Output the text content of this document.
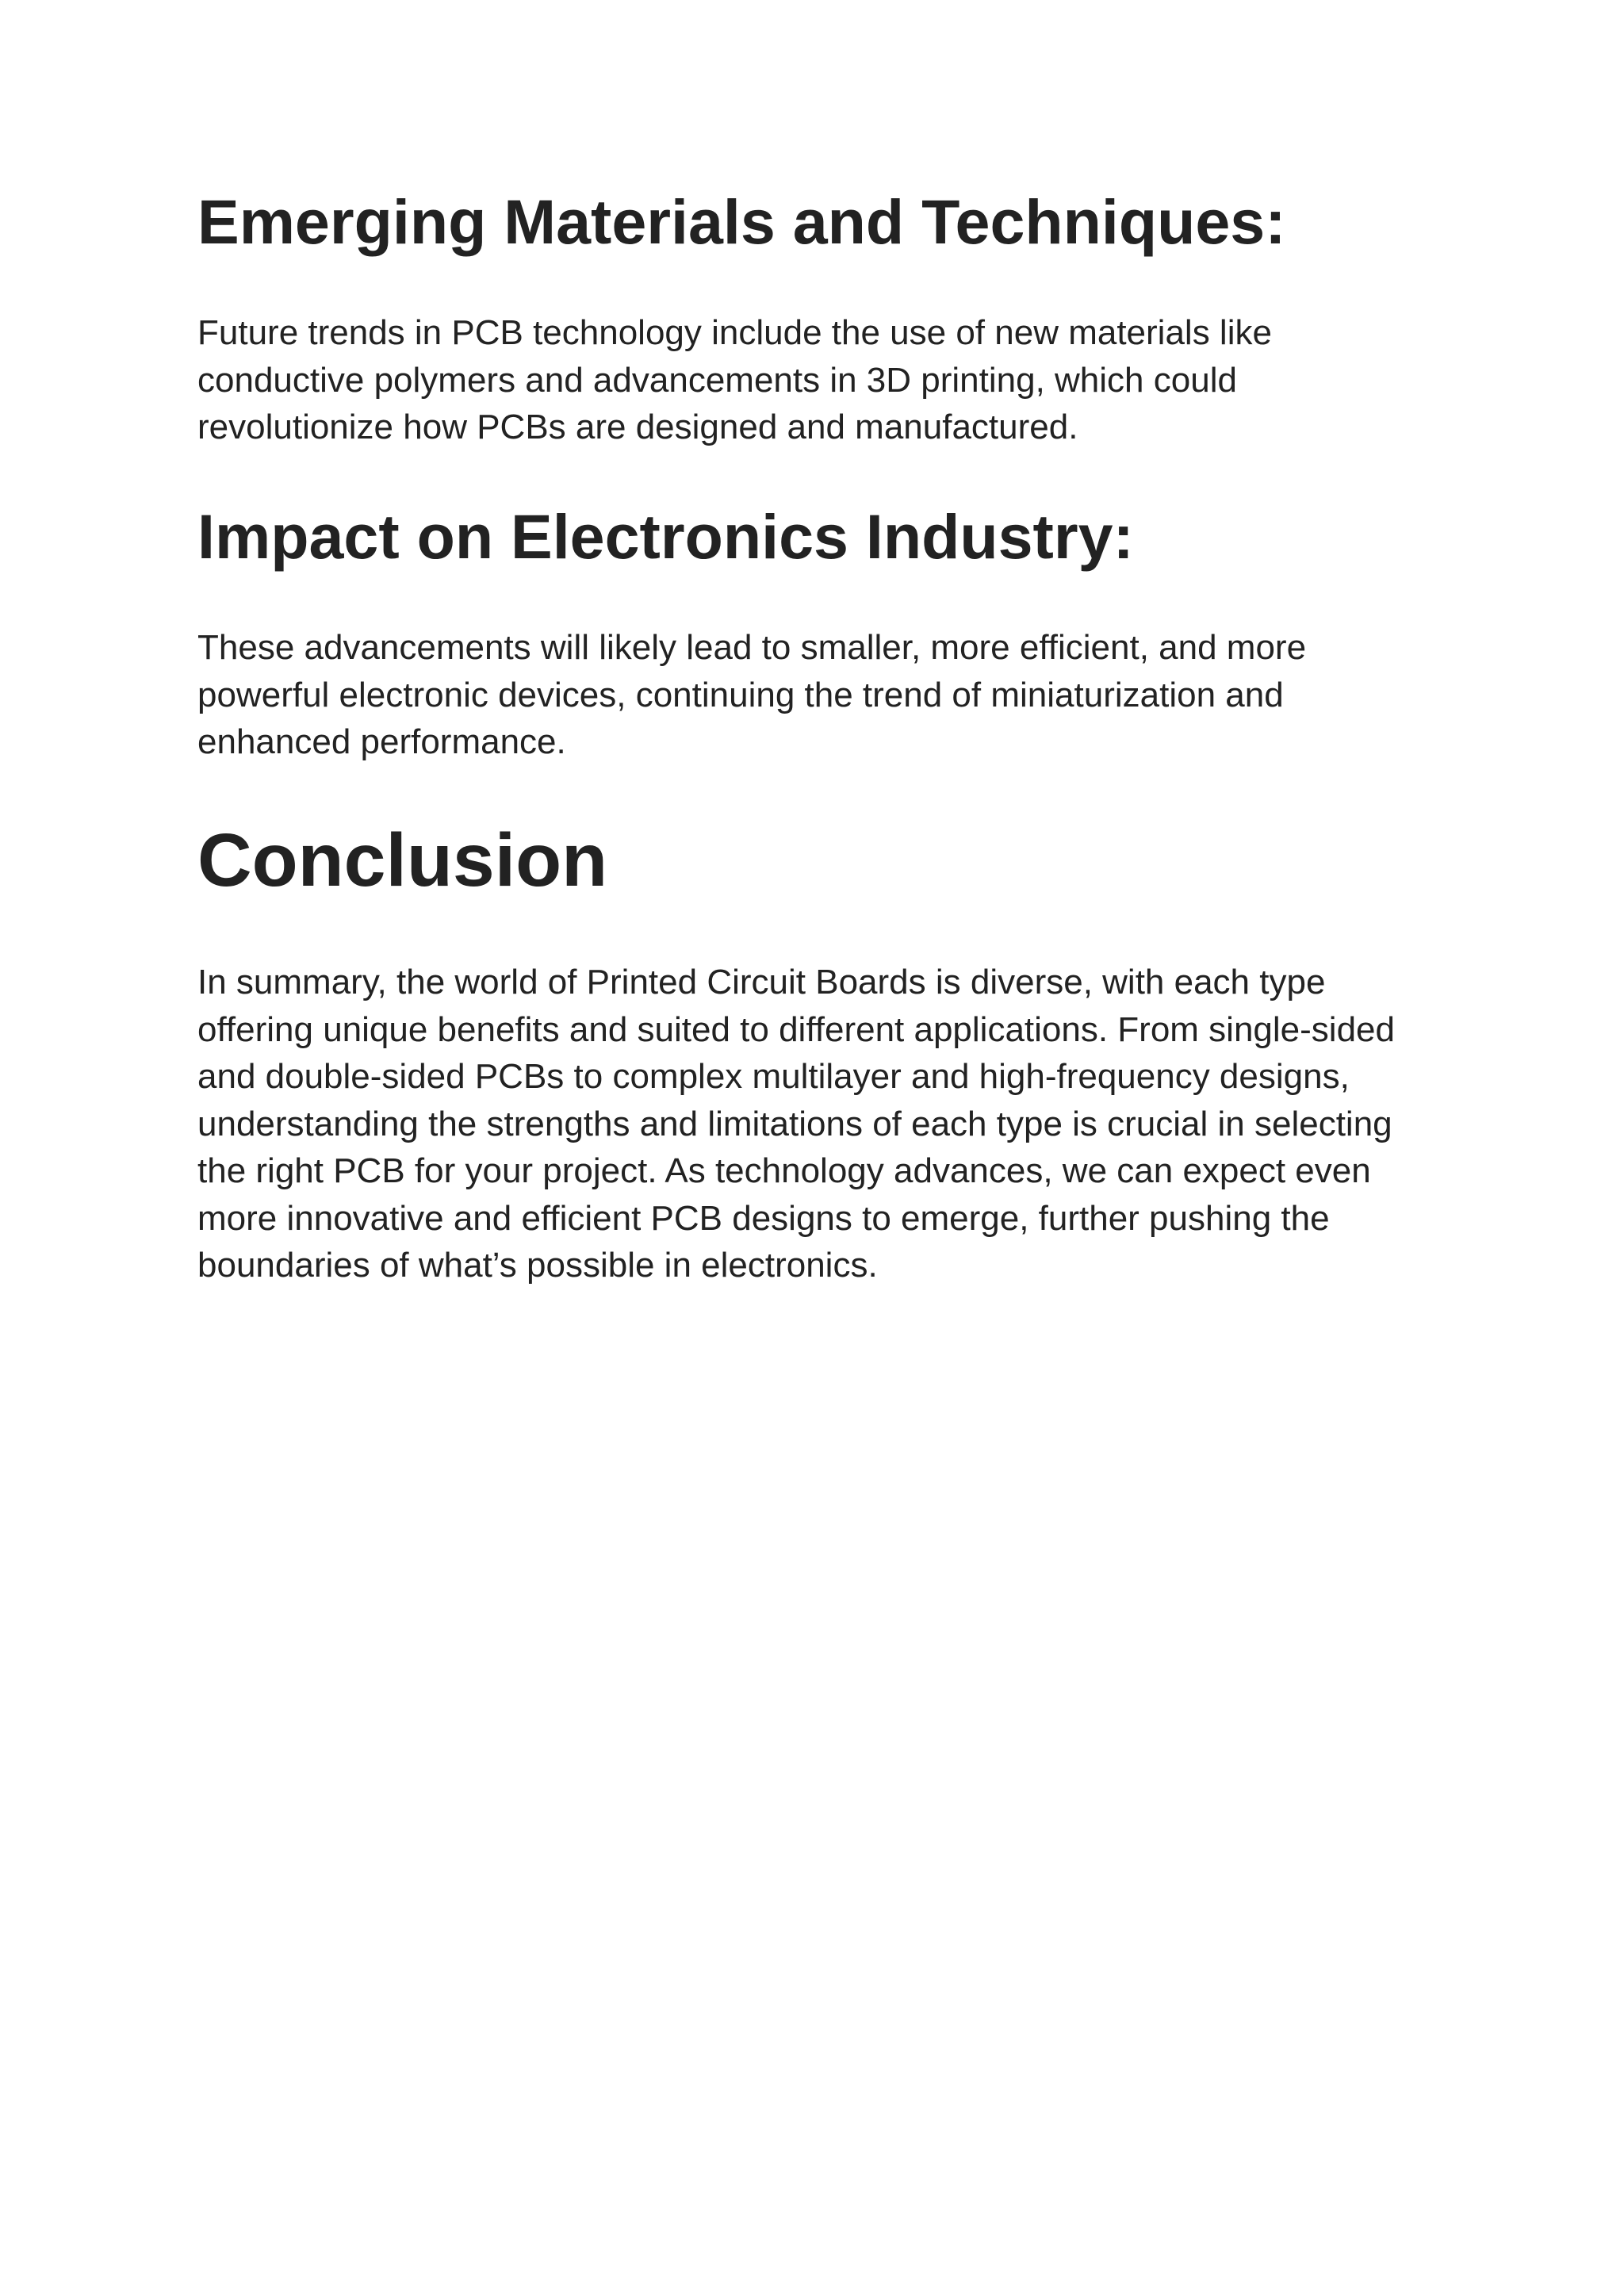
Emerging Materials and Techniques:

Future trends in PCB technology include the use of new materials like
conductive polymers and advancements in 3D printing, which could
revolutionize how PCBs are designed and manufactured.

Impact on Electronics Industry:

These advancements will likely lead to smaller, more efficient, and more
powerful electronic devices, continuing the trend of miniaturization and
enhanced performance.

Conclusion

In summary, the world of Printed Circuit Boards is diverse, with each type
offering unique benefits and suited to different applications. From single-sided
and double-sided PCBs to complex multilayer and high-frequency designs,
understanding the strengths and limitations of each type is crucial in selecting
the right PCB for your project. As technology advances, we can expect even
more innovative and efficient PCB designs to emerge, further pushing the
boundaries of what’s possible in electronics.
